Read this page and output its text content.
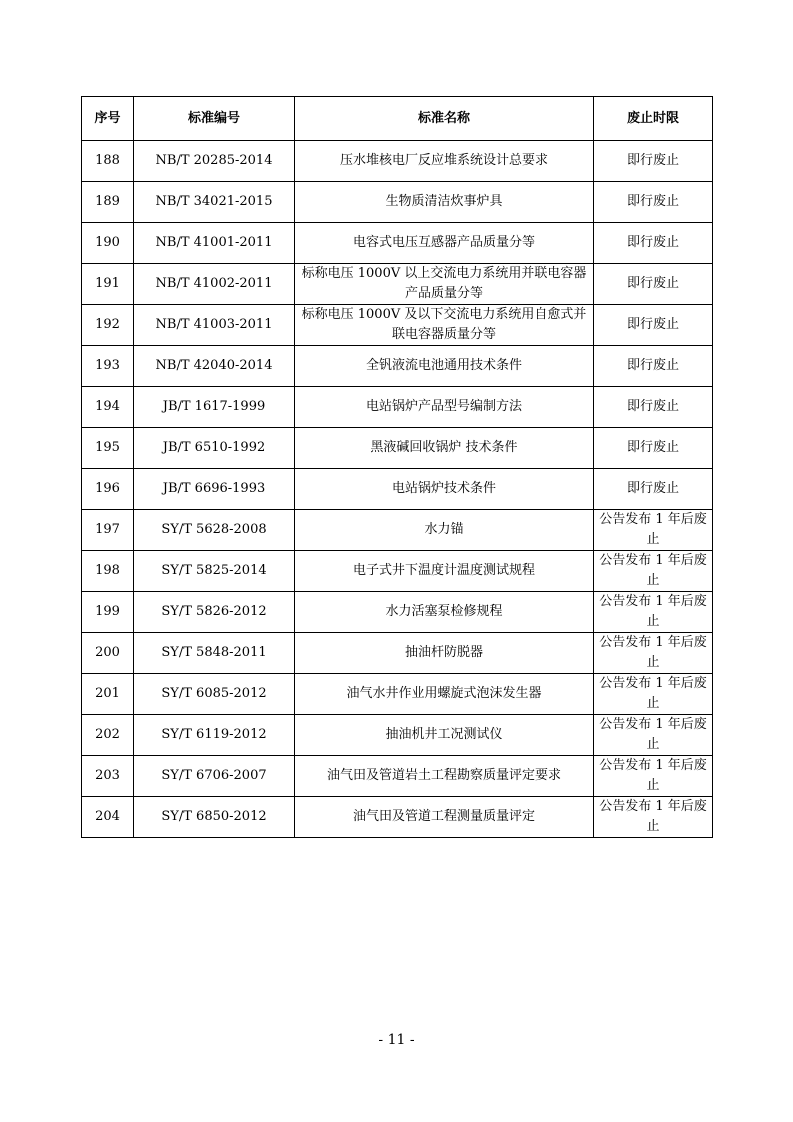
序号	标准编号	标准名称	废止时限
188	NB/T 20285-2014	压水堆核电厂反应堆系统设计总要求	即行废止
189	NB/T 34021-2015	生物质清洁炊事炉具	即行废止
190	NB/T 41001-2011	电容式电压互感器产品质量分等	即行废止
191	NB/T 41002-2011	标称电压 1000V 以上交流电力系统用并联电容器产品质量分等	即行废止
192	NB/T 41003-2011	标称电压 1000V 及以下交流电力系统用自愈式并联电容器质量分等	即行废止
193	NB/T 42040-2014	全钒液流电池通用技术条件	即行废止
194	JB/T 1617-1999	电站锅炉产品型号编制方法	即行废止
195	JB/T 6510-1992	黑液碱回收锅炉 技术条件	即行废止
196	JB/T 6696-1993	电站锅炉技术条件	即行废止
197	SY/T 5628-2008	水力锚	公告发布 1 年后废止
198	SY/T 5825-2014	电子式井下温度计温度测试规程	公告发布 1 年后废止
199	SY/T 5826-2012	水力活塞泵检修规程	公告发布 1 年后废止
200	SY/T 5848-2011	抽油杆防脱器	公告发布 1 年后废止
201	SY/T 6085-2012	油气水井作业用螺旋式泡沫发生器	公告发布 1 年后废止
202	SY/T 6119-2012	抽油机井工况测试仪	公告发布 1 年后废止
203	SY/T 6706-2007	油气田及管道岩土工程勘察质量评定要求	公告发布 1 年后废止
204	SY/T 6850-2012	油气田及管道工程测量质量评定	公告发布 1 年后废止
- 11 -
